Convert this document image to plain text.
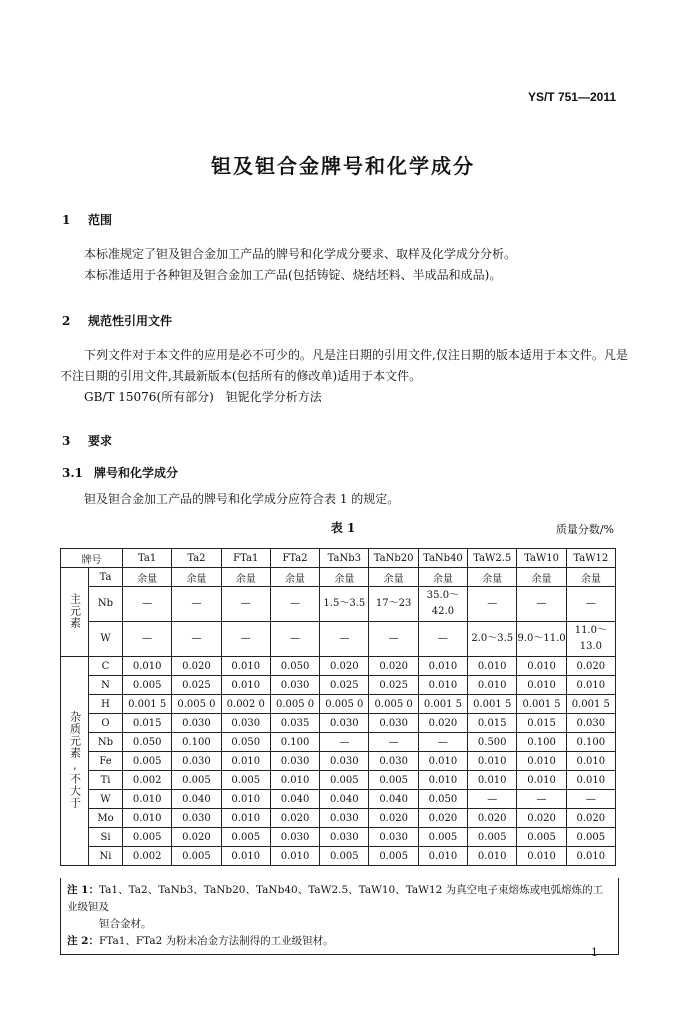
YS/T 751—2011
钽及钽合金牌号和化学成分
1 范围
本标准规定了钽及钽合金加工产品的牌号和化学成分要求、取样及化学成分分析。
本标准适用于各种钽及钽合金加工产品(包括铸锭、烧结坯料、半成品和成品)。
2 规范性引用文件
下列文件对于本文件的应用是必不可少的。凡是注日期的引用文件,仅注日期的版本适用于本文件。凡是不注日期的引用文件,其最新版本(包括所有的修改单)适用于本文件。
GB/T 15076(所有部分)　钽铌化学分析方法
3 要求
3.1 牌号和化学成分
钽及钽合金加工产品的牌号和化学成分应符合表 1 的规定。
表 1	质量分数/%
牌号		Ta1	Ta2	FTa1	FTa2	TaNb3	TaNb20	TaNb40	TaW2.5	TaW10	TaW12
主元素	Ta	余量	余量	余量	余量	余量	余量	余量	余量	余量	余量
	Nb	—	—	—	—	1.5～3.5	17～23	35.0～42.0	—	—	—
	W	—	—	—	—	—	—	—	2.0～3.5	9.0～11.0	11.0～13.0
杂质元素,不大于	C	0.010	0.020	0.010	0.050	0.020	0.020	0.010	0.010	0.010	0.020
	N	0.005	0.025	0.010	0.030	0.025	0.025	0.010	0.010	0.010	0.010
	H	0.001 5	0.005 0	0.002 0	0.005 0	0.005 0	0.005 0	0.001 5	0.001 5	0.001 5	0.001 5
	O	0.015	0.030	0.030	0.035	0.030	0.030	0.020	0.015	0.015	0.030
	Nb	0.050	0.100	0.050	0.100	—	—	—	0.500	0.100	0.100
	Fe	0.005	0.030	0.010	0.030	0.030	0.030	0.010	0.010	0.010	0.010
	Ti	0.002	0.005	0.005	0.010	0.005	0.005	0.010	0.010	0.010	0.010
	W	0.010	0.040	0.010	0.040	0.040	0.040	0.050	—	—	—
	Mo	0.010	0.030	0.010	0.020	0.030	0.020	0.020	0.020	0.020	0.020
	Si	0.005	0.020	0.005	0.030	0.030	0.030	0.005	0.005	0.005	0.005
	Ni	0.002	0.005	0.010	0.010	0.005	0.005	0.010	0.010	0.010	0.010

注 1：Ta1、Ta2、TaNb3、TaNb20、TaNb40、TaW2.5、TaW10、TaW12 为真空电子束熔炼或电弧熔炼的工业级钽及
钽合金材。

注 2：FTa1、FTa2 为粉末冶金方法制得的工业级钽材。

1
